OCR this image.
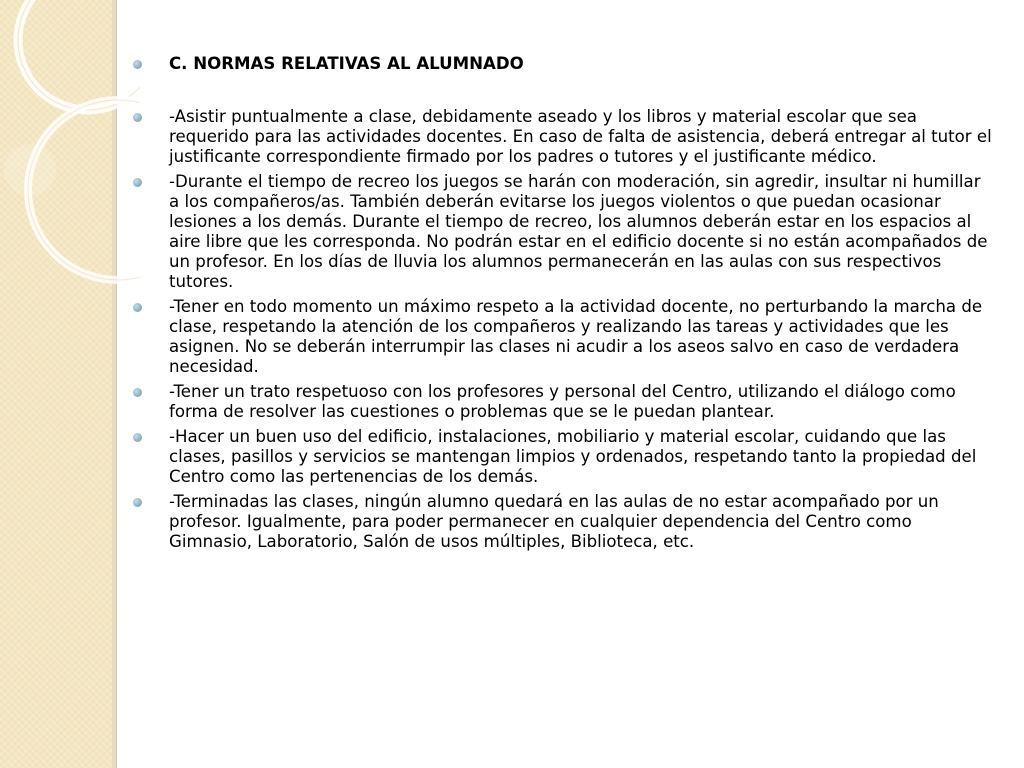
C. NORMAS RELATIVAS AL ALUMNADO
-Asistir puntualmente a clase, debidamente aseado y los libros y material escolar que sea requerido para las actividades docentes. En caso de falta de asistencia, deberá entregar al tutor el justificante correspondiente firmado por los padres o tutores y el justificante médico.
-Durante el tiempo de recreo los juegos se harán con moderación, sin agredir, insultar ni humillar a los compañeros/as. También deberán evitarse los juegos violentos o que puedan ocasionar lesiones a los demás. Durante el tiempo de recreo, los alumnos deberán estar en los espacios al aire libre que les corresponda. No podrán estar en el edificio docente si no están acompañados de un profesor. En los días de lluvia los alumnos permanecerán en las aulas con sus respectivos tutores.
-Tener en todo momento un máximo respeto a la actividad docente, no perturbando la marcha de clase, respetando la atención de los compañeros y realizando las tareas y actividades que les asignen. No se deberán interrumpir las clases ni acudir a los aseos salvo en caso de verdadera necesidad.
-Tener un trato respetuoso con los profesores y personal del Centro, utilizando el diálogo como forma de resolver las cuestiones o problemas que se le puedan plantear.
-Hacer un buen uso del edificio, instalaciones, mobiliario y material escolar, cuidando que las clases, pasillos y servicios se mantengan limpios y ordenados, respetando tanto la propiedad del Centro como las pertenencias de los demás.
-Terminadas las clases, ningún alumno quedará en las aulas de no estar acompañado por un profesor. Igualmente, para poder permanecer en cualquier dependencia del Centro como Gimnasio, Laboratorio, Salón de usos múltiples, Biblioteca, etc.
